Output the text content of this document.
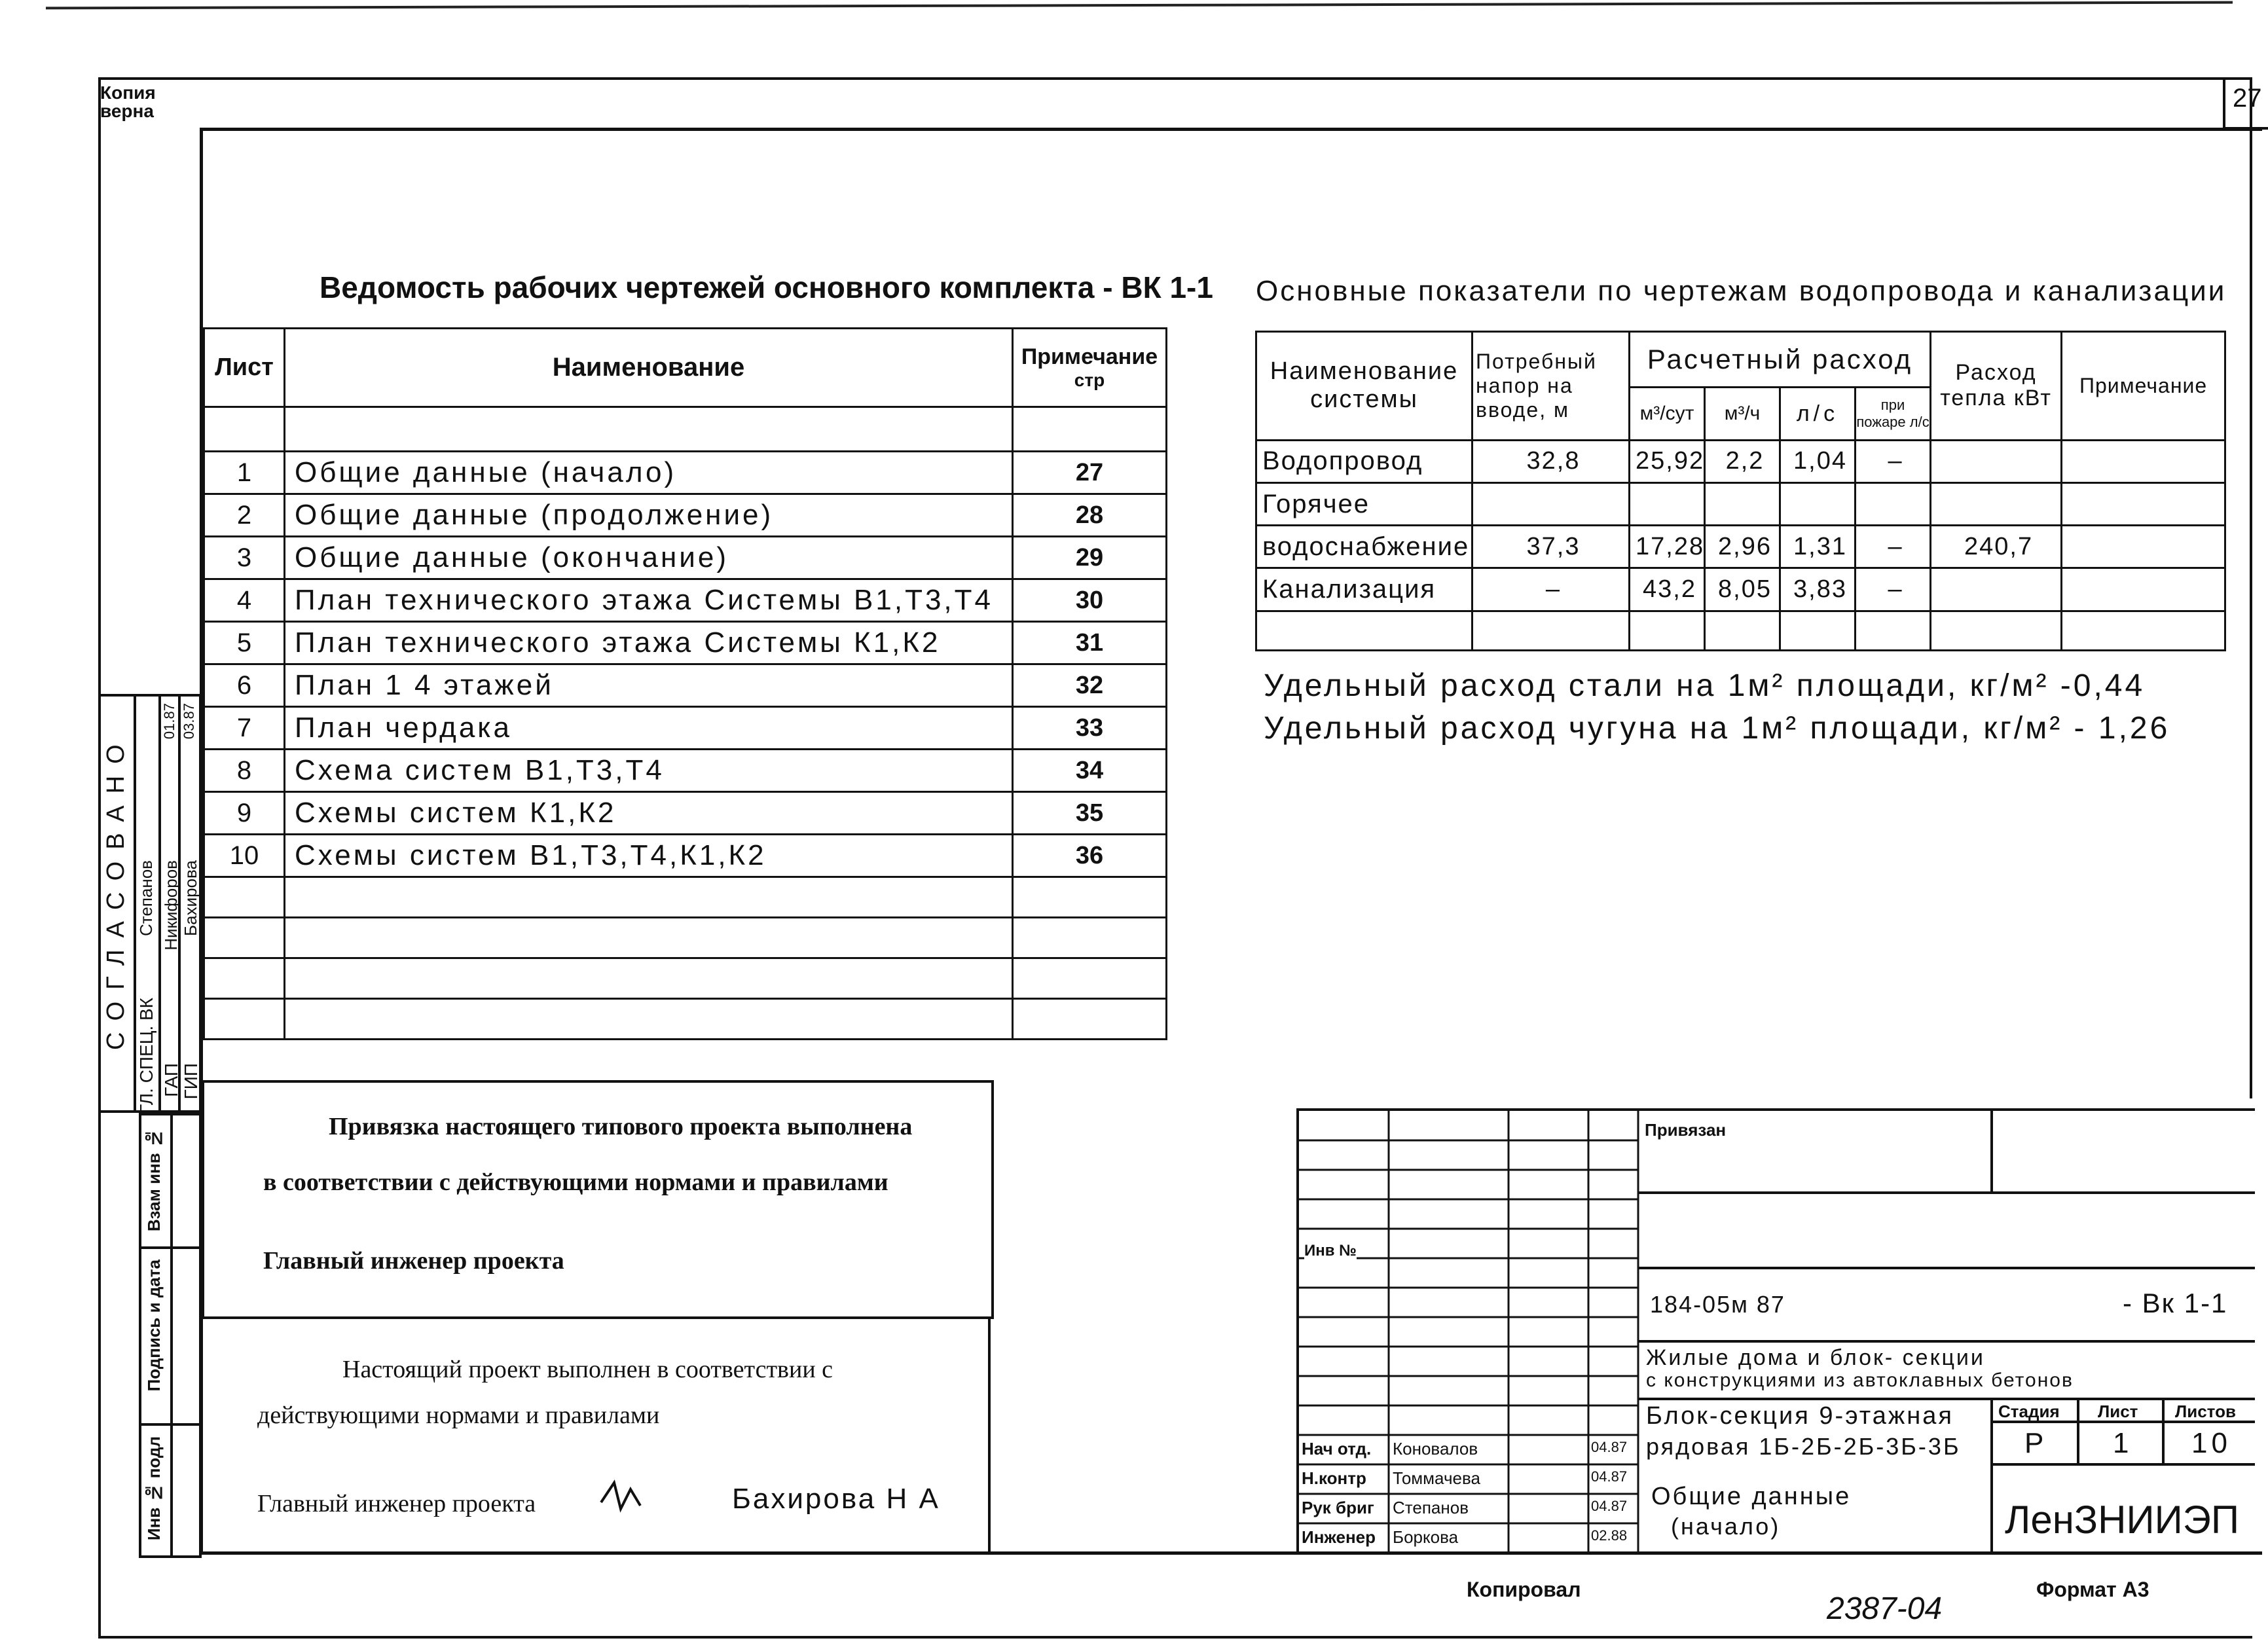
27
Копия
верна
Ведомость рабочих чертежей основного комплекта - ВК 1-1
Лист	Наименование	Примечание
стр

1	Общие данные (начало)	27
2	Общие данные (продолжение)	28
3	Общие данные (окончание)	29
4	План технического этажа Системы В1,Т3,Т4	30
5	План технического этажа Системы К1,К2	31
6	План 1 4 этажей	32
7	План чердака	33
8	Схема систем В1,Т3,Т4	34
9	Схемы систем К1,К2	35
10	Схемы систем В1,Т3,Т4,К1,К2	36

Основные показатели по чертежам водопровода и канализации
Наименование системы	Потребный напор на вводе, м	Расчетный расход				Расход тепла кВт	Примечание
		м³/сут	м³/ч	л/с	при пожаре л/с		
Водопровод	32,8	25,92	2,2	1,04	–		
Горячее							
водоснабжение	37,3	17,28	2,96	1,31	–	240,7	
Канализация	–	43,2	8,05	3,83	–		

Удельный расход стали на 1м² площади, кг/м² -0,44
Удельный расход чугуна на 1м² площади, кг/м² - 1,26
СОГЛАСОВАНО
ГЛ. СПЕЦ. ВК ГАП ГИП
Степанов Никифоров Бахирова
01.87 03.87
Взам инв №
Подпись и дата
Инв № подл
Привязка настоящего типового проекта выполнена
в соответствии с действующими нормами и правилами
Главный инженер проекта
Настоящий проект выполнен в соответствии с
действующими нормами и правилами
Главный инженер проекта	Бахирова Н А
Инв №
Нач отд. Коновалов	04.87
Н.контр Томмачева	04.87
Рук бриг Степанов	04.87
Инженер Боркова	02.88
Привязан
184-05м 87	- Вк 1-1
Жилые дома и блок- секции
с конструкциями из автоклавных бетонов
Блок-секция 9-этажная
рядовая 1Б-2Б-2Б-3Б-3Б
Общие данные
(начало)
Стадия Лист Листов
Р 1 10
ЛенЗНИИЭП
Копировал
2387-04
Формат А3
